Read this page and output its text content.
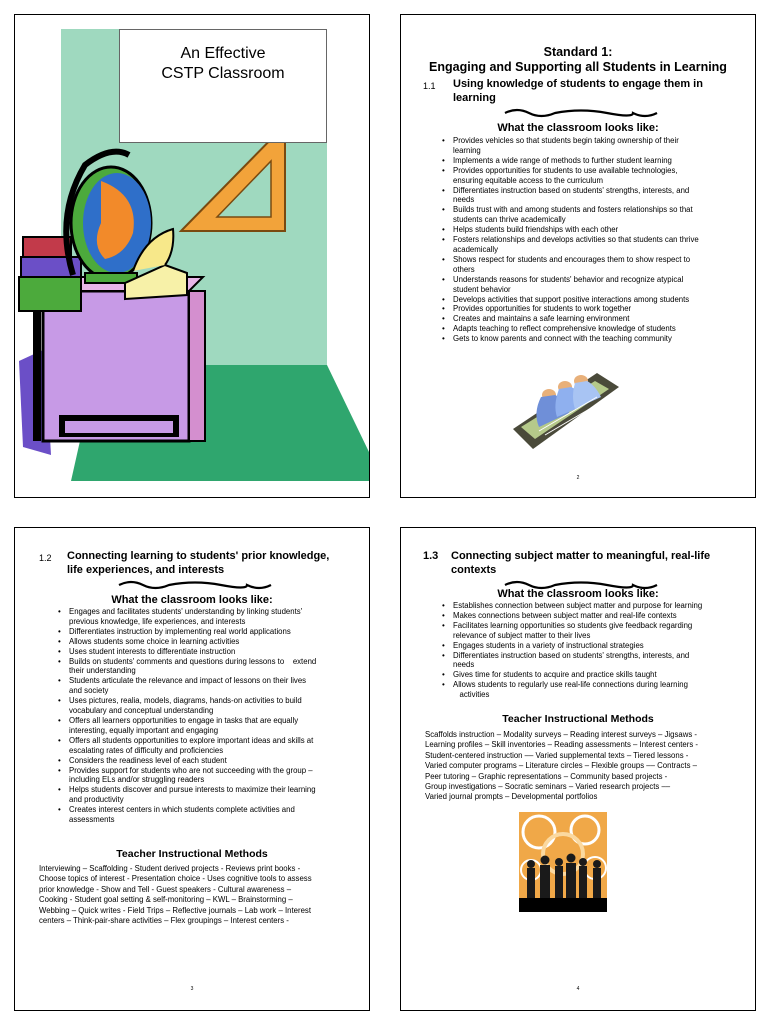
An Effective
CSTP Classroom
Standard 1:
Engaging and Supporting all Students in Learning
1.1 Using knowledge of students to engage them in
learning
What the classroom looks like:
• Provides vehicles so that students begin taking ownership of their
learning
• Implements a wide range of methods to further student learning
• Provides opportunities for students to use available technologies,
ensuring equitable access to the curriculum
• Differentiates instruction based on students' strengths, interests, and
needs
• Builds trust with and among students and fosters relationships so that
students can thrive academically
• Helps students build friendships with each other
• Fosters relationships and develops activities so that students can thrive
academically
• Shows respect for students and encourages them to show respect to
others
• Understands reasons for students' behavior and recognize atypical
student behavior
• Develops activities that support positive interactions among students
• Provides opportunities for students to work together
• Creates and maintains a safe learning environment
• Adapts teaching to reflect comprehensive knowledge of students
• Gets to know parents and connect with the teaching community
2
1.2 Connecting learning to students' prior knowledge,
life experiences, and interests
What the classroom looks like:
• Engages and facilitates students' understanding by linking students'
previous knowledge, life experiences, and interests
• Differentiates instruction by implementing real world applications
• Allows students some choice in learning activities
• Uses student interests to differentiate instruction
• Builds on students' comments and questions during lessons to    extend
their understanding
• Students articulate the relevance and impact of lessons on their lives
and society
• Uses pictures, realia, models, diagrams, hands-on activities to build
vocabulary and conceptual understanding
• Offers all learners opportunities to engage in tasks that are equally
interesting, equally important and engaging
• Offers all students opportunities to explore important ideas and skills at
escalating rates of difficulty and proficiencies
• Considers the readiness level of each student
• Provides support for students who are not succeeding with the group –
including ELs and/or struggling readers
• Helps students discover and pursue interests to maximize their learning
and productivity
• Creates interest centers in which students complete activities and
assessments
Teacher Instructional Methods
Interviewing – Scaffolding - Student derived projects - Reviews print books -
Choose topics of interest - Presentation choice - Uses cognitive tools to assess
prior knowledge - Show and Tell - Guest speakers - Cultural awareness –
Cooking - Student goal setting & self-monitoring – KWL – Brainstorming –
Webbing – Quick writes - Field Trips – Reflective journals – Lab work – Interest
centers – Think-pair-share activities – Flex groupings – Interest centers -
3
1.3 Connecting subject matter to meaningful, real-life
contexts
What the classroom looks like:
• Establishes connection between subject matter and purpose for learning
• Makes connections between subject matter and real-life contexts
• Facilitates learning opportunities so students give feedback regarding
relevance of subject matter to their lives
• Engages students in a variety of instructional strategies
• Differentiates instruction based on students' strengths, interests, and
needs
• Gives time for students to acquire and practice skills taught
• Allows students to regularly use real-life connections during learning
activities
Teacher Instructional Methods
Scaffolds instruction – Modality surveys – Reading interest surveys – Jigsaws -
Learning profiles – Skill inventories – Reading assessments – Interest centers -
Student-centered instruction –– Varied supplemental texts – Tiered lessons -
Varied computer programs – Literature circles – Flexible groups –– Contracts –
Peer tutoring – Graphic representations – Community based projects -
Group investigations – Socratic seminars – Varied research projects ––
Varied journal prompts – Developmental portfolios
4
